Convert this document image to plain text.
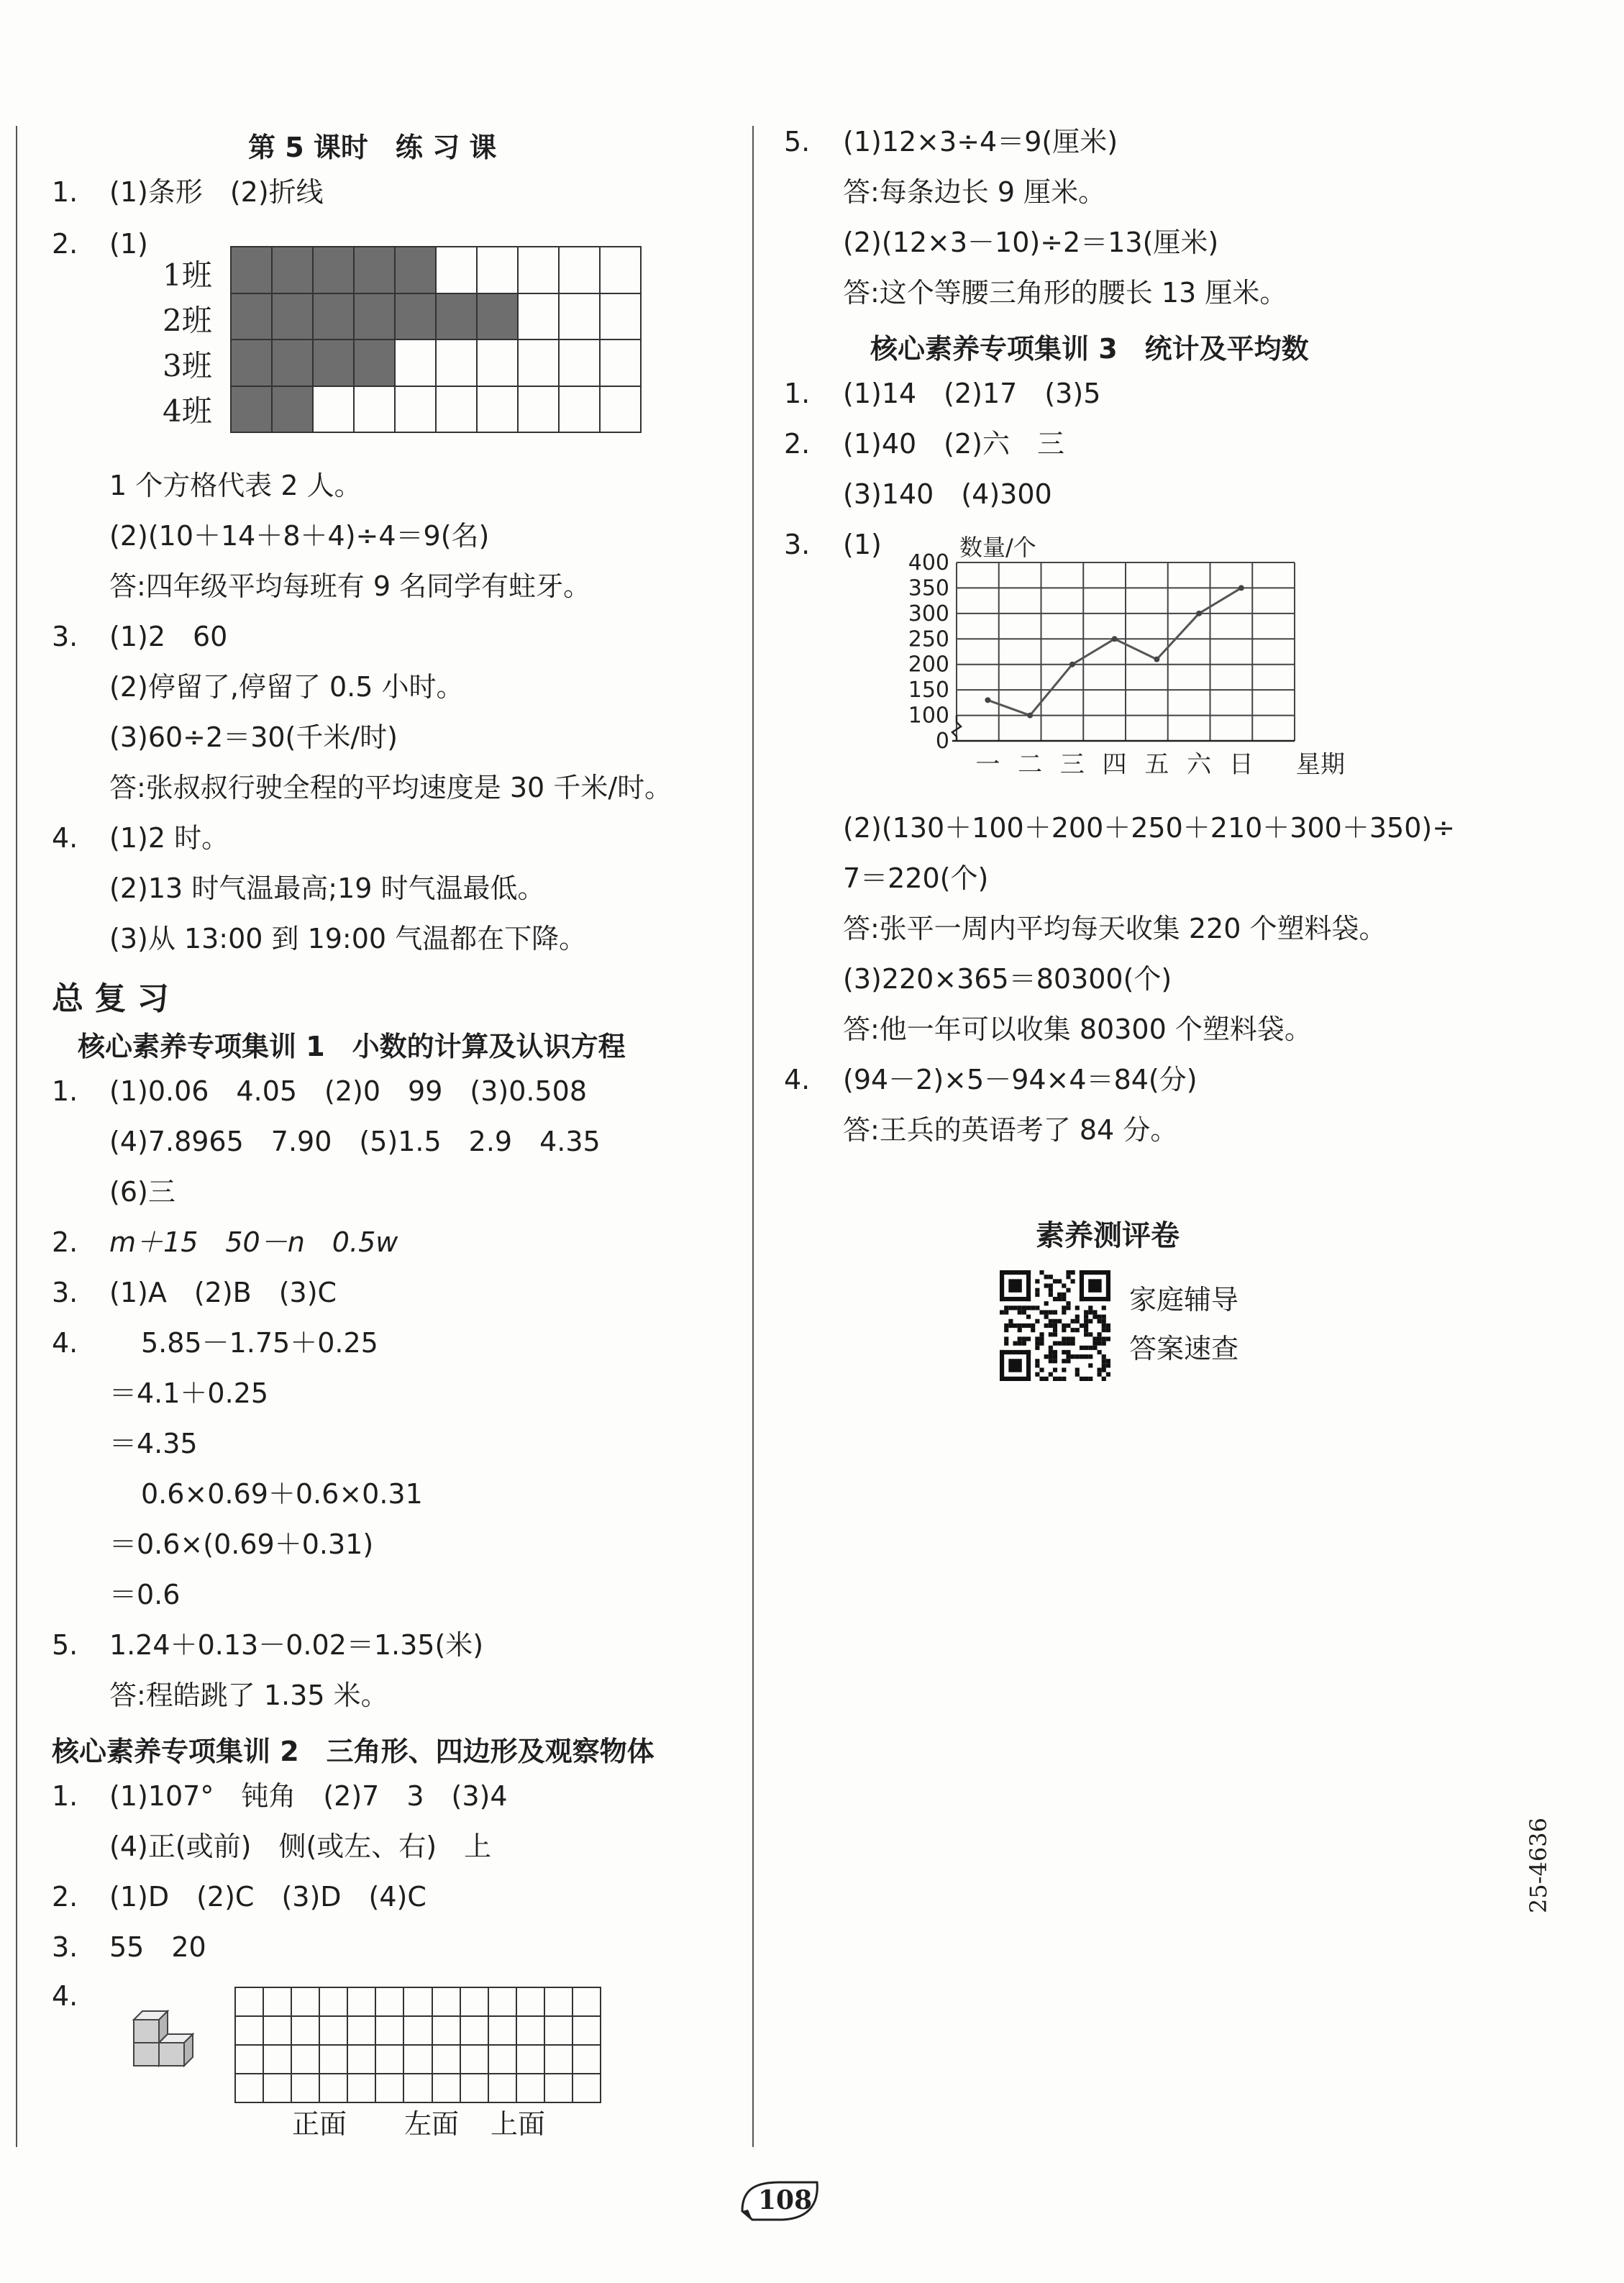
第 5 课时　练 习 课
1. (1)条形　(2)折线
2. (1)
1班
2班
3班
4班
1 个方格代表 2 人。
(2)(10＋14＋8＋4)÷4＝9(名)
答:四年级平均每班有 9 名同学有蛀牙。
3. (1)2　60
(2)停留了,停留了 0.5 小时。
(3)60÷2＝30(千米/时)
答:张叔叔行驶全程的平均速度是 30 千米/时。
4. (1)2 时。
(2)13 时气温最高;19 时气温最低。
(3)从 13:00 到 19:00 气温都在下降。
总 复 习
核心素养专项集训 1　小数的计算及认识方程
1. (1)0.06　4.05　(2)0　99　(3)0.508
(4)7.8965　7.90　(5)1.5　2.9　4.35
(6)三
2. m＋15　50－n　0.5w
3. (1)A　(2)B　(3)C
4. 5.85－1.75＋0.25
＝4.1＋0.25
＝4.35
0.6×0.69＋0.6×0.31
＝0.6×(0.69＋0.31)
＝0.6
5. 1.24＋0.13－0.02＝1.35(米)
答:程皓跳了 1.35 米。
核心素养专项集训 2　三角形、四边形及观察物体
1. (1)107°　钝角　(2)7　3　(3)4
(4)正(或前)　侧(或左、右)　上
2. (1)D　(2)C　(3)D　(4)C
3. 55　20
4.
正面 左面 上面
5. (1)12×3÷4＝9(厘米)
答:每条边长 9 厘米。
(2)(12×3－10)÷2＝13(厘米)
答:这个等腰三角形的腰长 13 厘米。
核心素养专项集训 3　统计及平均数
1. (1)14　(2)17　(3)5
2. (1)40　(2)六　三
(3)140　(4)300
3. (1)
0
100
150
200
250
300
350
400
数量/个
一 二 三 四 五 六 日 星期
(2)(130＋100＋200＋250＋210＋300＋350)÷
7＝220(个)
答:张平一周内平均每天收集 220 个塑料袋。
(3)220×365＝80300(个)
答:他一年可以收集 80300 个塑料袋。
4. (94－2)×5－94×4＝84(分)
答:王兵的英语考了 84 分。
素养测评卷
家庭辅导
答案速查
25-4636
108
